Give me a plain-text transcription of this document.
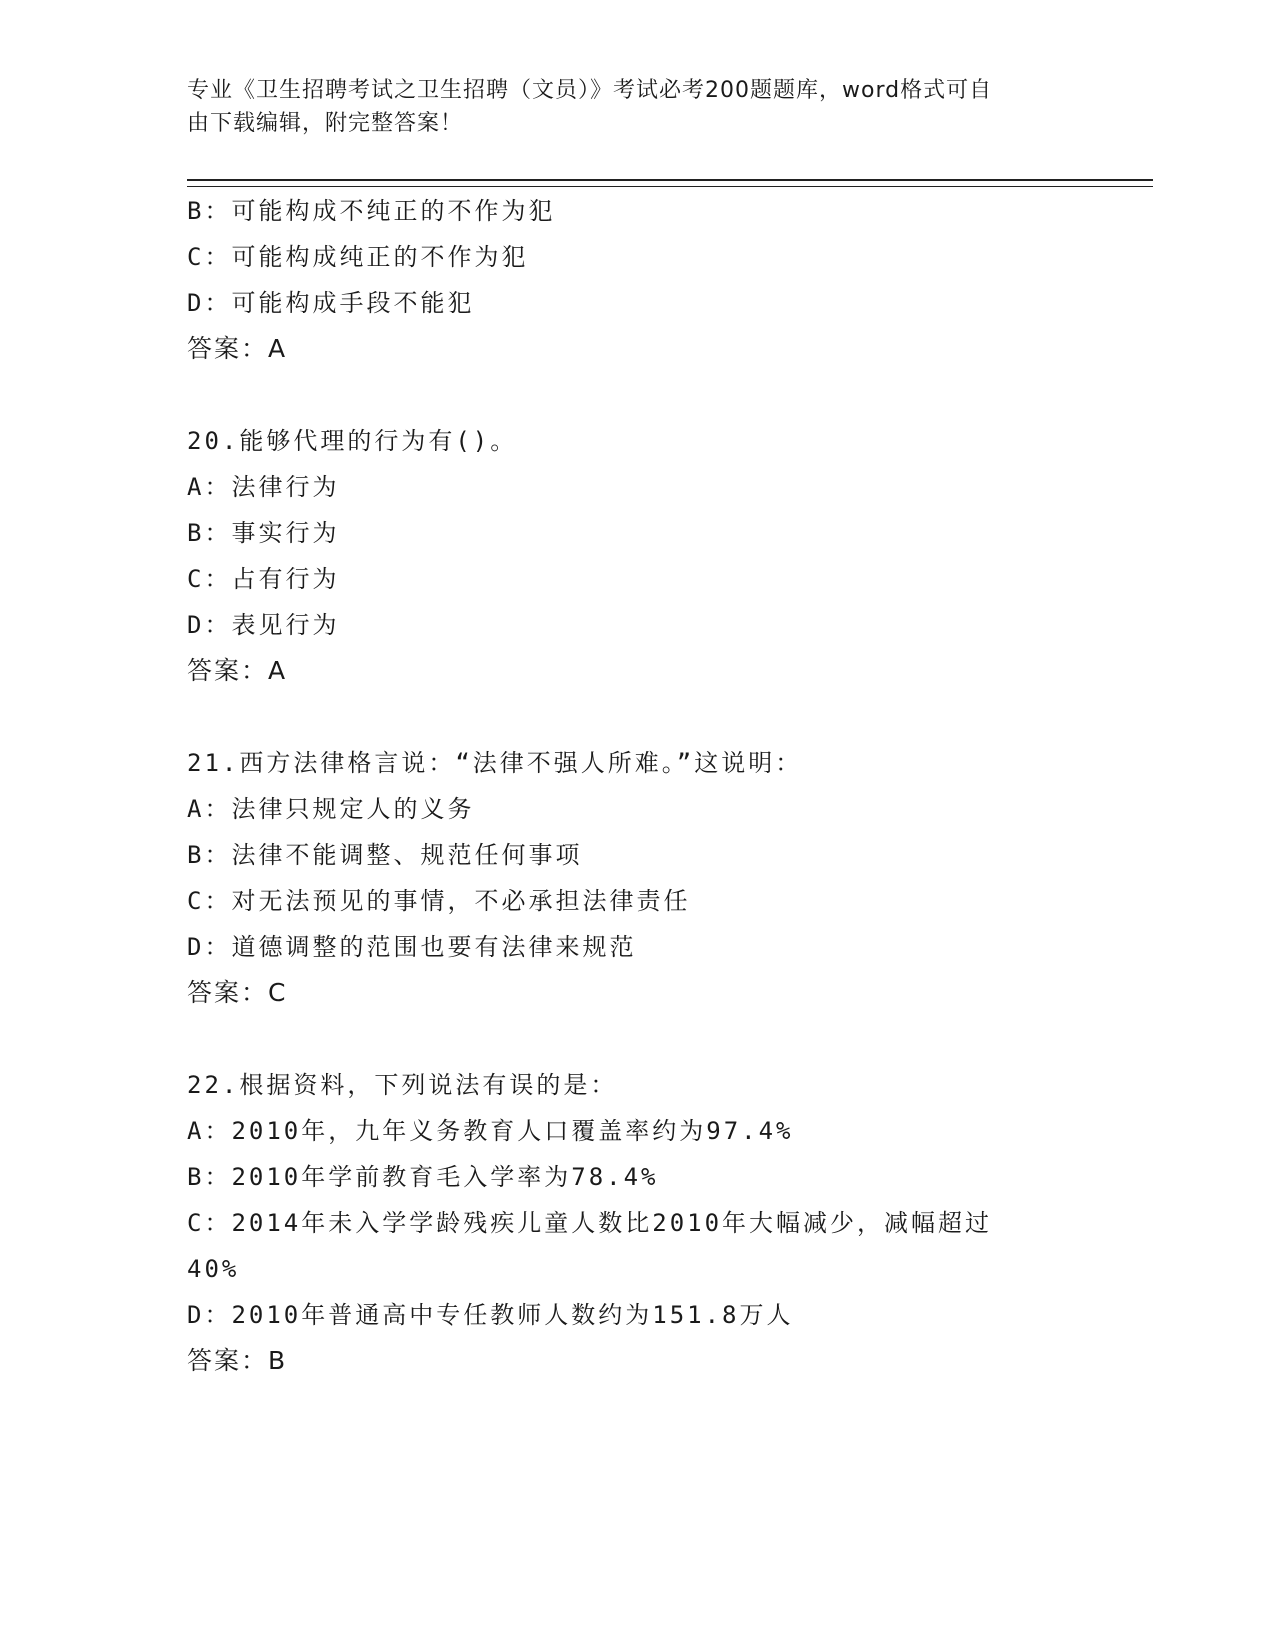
专业《卫生招聘考试之卫生招聘（文员）》考试必考200题题库，word格式可自
由下载编辑，附完整答案！

B：可能构成不纯正的不作为犯

C：可能构成纯正的不作为犯

D：可能构成手段不能犯

答案：A

20.能够代理的行为有()。

A：法律行为

B：事实行为

C：占有行为

D：表见行为

答案：A

21.西方法律格言说：“法律不强人所难。”这说明：

A：法律只规定人的义务

B：法律不能调整、规范任何事项

C：对无法预见的事情，不必承担法律责任

D：道德调整的范围也要有法律来规范

答案：C

22.根据资料，下列说法有误的是：

A：2010年，九年义务教育人口覆盖率约为97.4%

B：2010年学前教育毛入学率为78.4%

C：2014年未入学学龄残疾儿童人数比2010年大幅减少，减幅超过

40%

D：2010年普通高中专任教师人数约为151.8万人

答案：B
